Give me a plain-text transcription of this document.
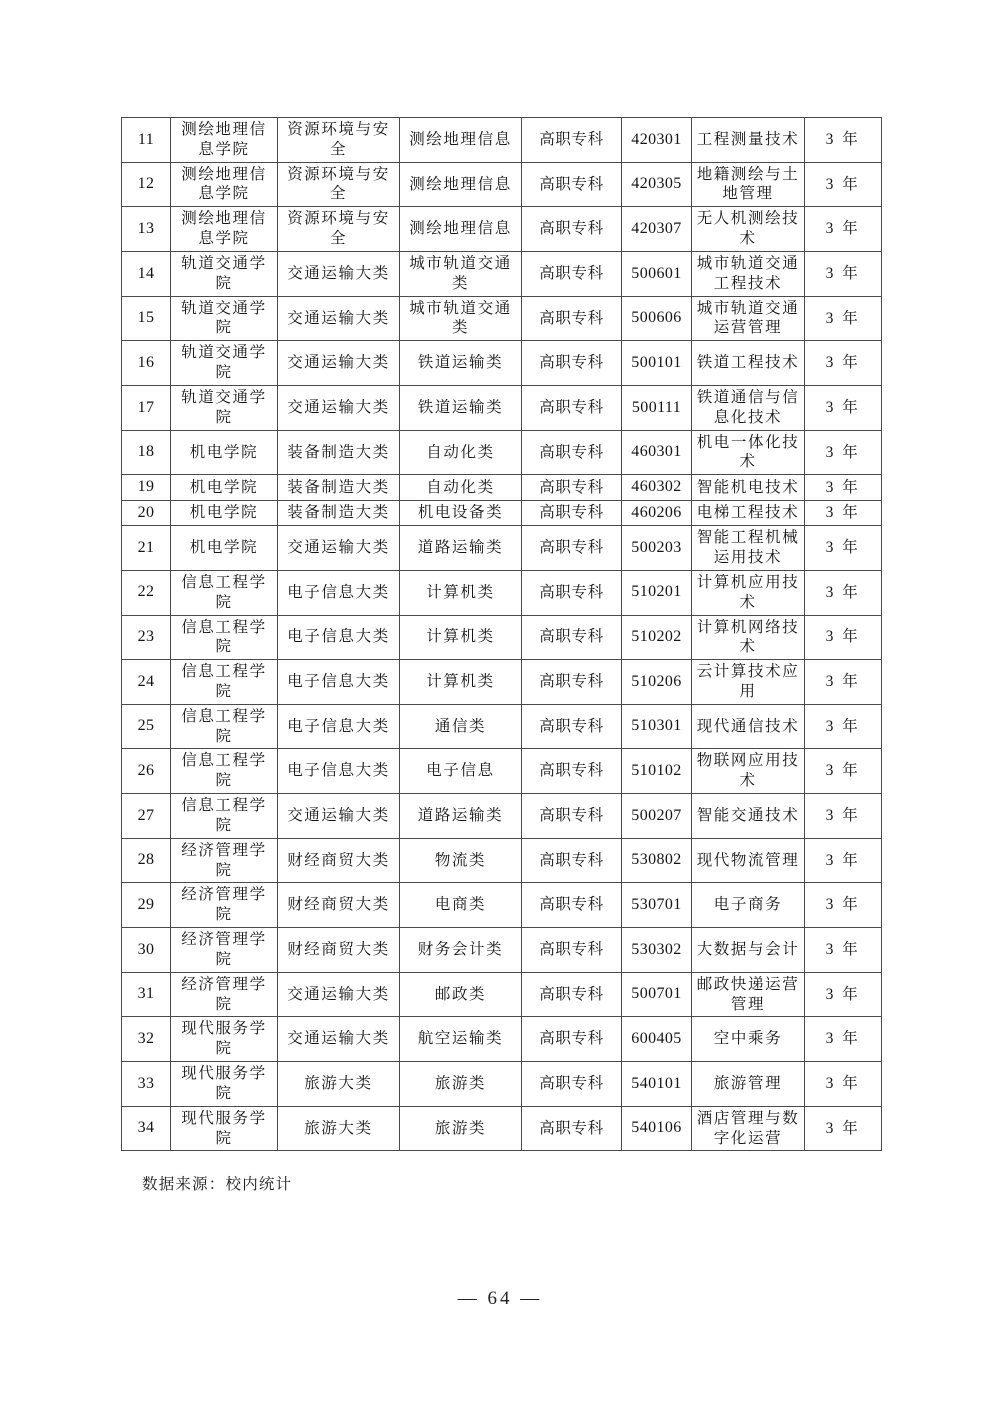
11	测绘地理信息学院	资源环境与安全	测绘地理信息	高职专科	420301	工程测量技术	3 年
12	测绘地理信息学院	资源环境与安全	测绘地理信息	高职专科	420305	地籍测绘与土地管理	3 年
13	测绘地理信息学院	资源环境与安全	测绘地理信息	高职专科	420307	无人机测绘技术	3 年
14	轨道交通学院	交通运输大类	城市轨道交通类	高职专科	500601	城市轨道交通工程技术	3 年
15	轨道交通学院	交通运输大类	城市轨道交通类	高职专科	500606	城市轨道交通运营管理	3 年
16	轨道交通学院	交通运输大类	铁道运输类	高职专科	500101	铁道工程技术	3 年
17	轨道交通学院	交通运输大类	铁道运输类	高职专科	500111	铁道通信与信息化技术	3 年
18	机电学院	装备制造大类	自动化类	高职专科	460301	机电一体化技术	3 年
19	机电学院	装备制造大类	自动化类	高职专科	460302	智能机电技术	3 年
20	机电学院	装备制造大类	机电设备类	高职专科	460206	电梯工程技术	3 年
21	机电学院	交通运输大类	道路运输类	高职专科	500203	智能工程机械运用技术	3 年
22	信息工程学院	电子信息大类	计算机类	高职专科	510201	计算机应用技术	3 年
23	信息工程学院	电子信息大类	计算机类	高职专科	510202	计算机网络技术	3 年
24	信息工程学院	电子信息大类	计算机类	高职专科	510206	云计算技术应用	3 年
25	信息工程学院	电子信息大类	通信类	高职专科	510301	现代通信技术	3 年
26	信息工程学院	电子信息大类	电子信息	高职专科	510102	物联网应用技术	3 年
27	信息工程学院	交通运输大类	道路运输类	高职专科	500207	智能交通技术	3 年
28	经济管理学院	财经商贸大类	物流类	高职专科	530802	现代物流管理	3 年
29	经济管理学院	财经商贸大类	电商类	高职专科	530701	电子商务	3 年
30	经济管理学院	财经商贸大类	财务会计类	高职专科	530302	大数据与会计	3 年
31	经济管理学院	交通运输大类	邮政类	高职专科	500701	邮政快递运营管理	3 年
32	现代服务学院	交通运输大类	航空运输类	高职专科	600405	空中乘务	3 年
33	现代服务学院	旅游大类	旅游类	高职专科	540101	旅游管理	3 年
34	现代服务学院	旅游大类	旅游类	高职专科	540106	酒店管理与数字化运营	3 年
数据来源：校内统计
— 64 —
